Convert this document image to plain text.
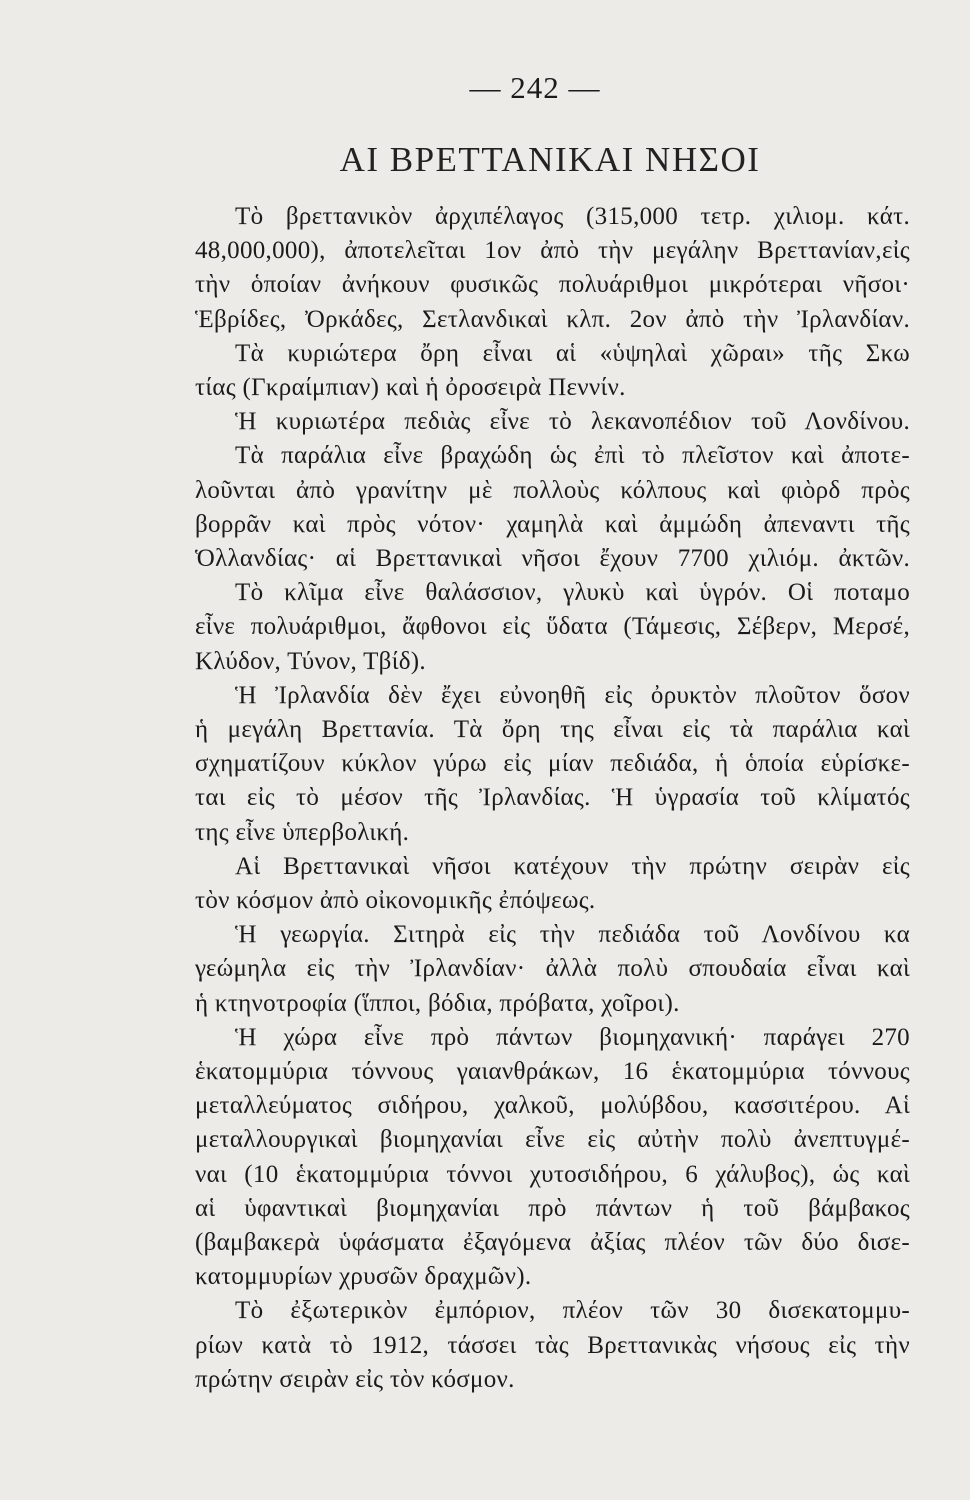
— 242 —
ΑΙ ΒΡΕΤΤΑΝΙΚΑΙ ΝΗΣΟΙ
Τὸ βρεττανικὸν ἀρχιπέλαγος (315,000 τετρ. χιλιομ. κάτ.
48,000,000), ἀποτελεῖται 1ον ἀπὸ τὴν μεγάλην Βρεττανίαν,εἰς
τὴν ὁποίαν ἀνήκουν φυσικῶς πολυάριθμοι μικρότεραι νῆσοι·
Ἑβρίδες, Ὀρκάδες, Σετλανδικαὶ κλπ. 2ον ἀπὸ τὴν Ἰρλανδίαν.
Τὰ κυριώτερα ὄρη εἶναι αἱ «ὑψηλαὶ χῶραι» τῆς Σκω
τίας (Γκραίμπιαν) καὶ ἡ ὀροσειρὰ Πεννίν.
Ἡ κυριωτέρα πεδιὰς εἶνε τὸ λεκανοπέδιον τοῦ Λονδίνου.
Τὰ παράλια εἶνε βραχώδη ὡς ἐπὶ τὸ πλεῖστον καὶ ἀποτε-
λοῦνται ἀπὸ γρανίτην μὲ πολλοὺς κόλπους καὶ φιὸρδ πρὸς
βορρᾶν καὶ πρὸς νότον· χαμηλὰ καὶ ἀμμώδη ἀπεναντι τῆς
Ὁλλανδίας· αἱ Βρεττανικαὶ νῆσοι ἔχουν 7700 χιλιόμ. ἀκτῶν.
Τὸ κλῖμα εἶνε θαλάσσιον, γλυκὺ καὶ ὑγρόν. Οἱ ποταμο
εἶνε πολυάριθμοι, ἄφθονοι εἰς ὕδατα (Τάμεσις, Σέβερν, Μερσέ,
Κλύδον, Τύνον, Τβίδ).
Ἡ Ἰρλανδία δὲν ἔχει εὐνοηθῆ εἰς ὀρυκτὸν πλοῦτον ὅσον
ἡ μεγάλη Βρεττανία. Τὰ ὄρη της εἶναι εἰς τὰ παράλια καὶ
σχηματίζουν κύκλον γύρω εἰς μίαν πεδιάδα, ἡ ὁποία εὑρίσκε-
ται εἰς τὸ μέσον τῆς Ἰρλανδίας. Ἡ ὑγρασία τοῦ κλίματός
της εἶνε ὑπερβολική.
Αἱ Βρεττανικαὶ νῆσοι κατέχουν τὴν πρώτην σειρὰν εἰς
τὸν κόσμον ἀπὸ οἰκονομικῆς ἐπόψεως.
Ἡ γεωργία. Σιτηρὰ εἰς τὴν πεδιάδα τοῦ Λονδίνου κα
γεώμηλα εἰς τὴν Ἰρλανδίαν· ἀλλὰ πολὺ σπουδαία εἶναι καὶ
ἡ κτηνοτροφία (ἵπποι, βόδια, πρόβατα, χοῖροι).
Ἡ χώρα εἶνε πρὸ πάντων βιομηχανική· παράγει 270
ἑκατομμύρια τόννους γαιανθράκων, 16 ἑκατομμύρια τόννους
μεταλλεύματος σιδήρου, χαλκοῦ, μολύβδου, κασσιτέρου. Αἱ
μεταλλουργικαὶ βιομηχανίαι εἶνε εἰς αὐτὴν πολὺ ἀνεπτυγμέ-
ναι (10 ἑκατομμύρια τόννοι χυτοσιδήρου, 6 χάλυβος), ὡς καὶ
αἱ ὑφαντικαὶ βιομηχανίαι πρὸ πάντων ἡ τοῦ βάμβακος
(βαμβακερὰ ὑφάσματα ἐξαγόμενα ἀξίας πλέον τῶν δύο δισε-
κατομμυρίων χρυσῶν δραχμῶν).
Τὸ ἐξωτερικὸν ἐμπόριον, πλέον τῶν 30 δισεκατομμυ-
ρίων κατὰ τὸ 1912, τάσσει τὰς Βρεττανικὰς νήσους εἰς τὴν
πρώτην σειρὰν εἰς τὸν κόσμον.
